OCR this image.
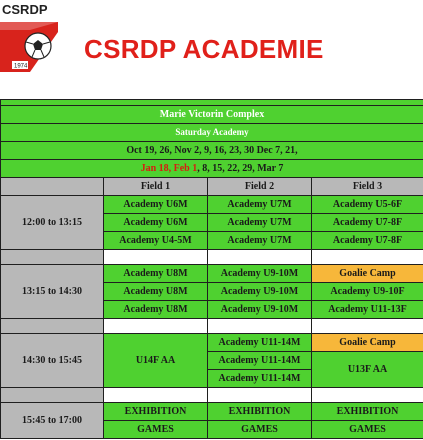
CSRDP
1974
CSRDP ACADEMIE

Marie Victorin Complex			
Saturday Academy			
Oct 19, 26, Nov 2, 9, 16, 23, 30 Dec 7, 21,			
Jan 18, Feb 1, 8, 15, 22, 29, Mar 7			
	Field 1	Field 2	Field 3
12:00 to 13:15	Academy U6M	Academy U7M	Academy U5-6F
	Academy U6M	Academy U7M	Academy U7-8F
	Academy U4-5M	Academy U7M	Academy U7-8F

13:15 to 14:30	Academy U8M	Academy U9-10M	Goalie Camp
	Academy U8M	Academy U9-10M	Academy U9-10F
	Academy U8M	Academy U9-10M	Academy U11-13F

14:30 to 15:45	U14F AA	Academy U11-14M	Goalie Camp
		Academy U11-14M	U13F AA
		Academy U11-14M	

15:45 to 17:00	EXHIBITION	EXHIBITION	EXHIBITION
	GAMES	GAMES	GAMES
